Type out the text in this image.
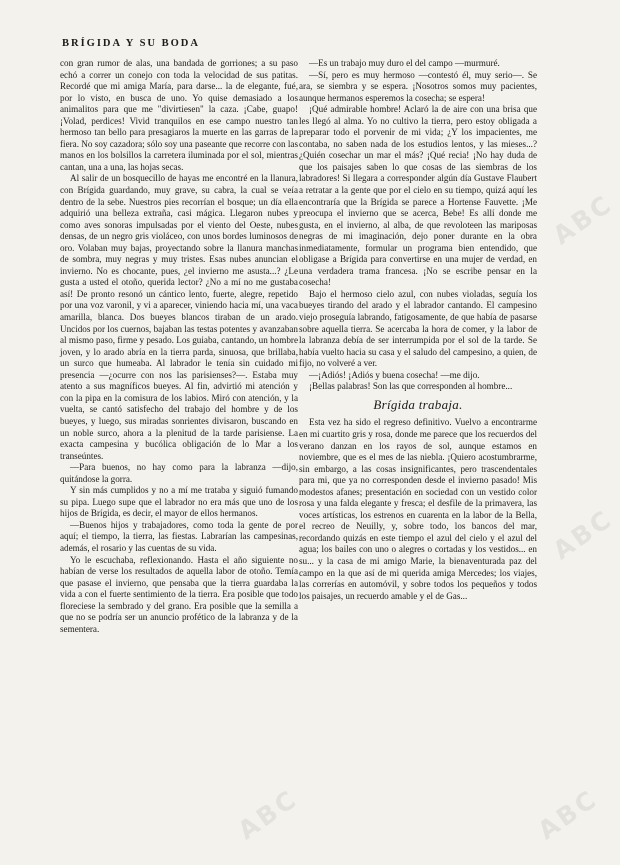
BRÍGIDA Y SU BODA

con gran rumor de alas, una bandada de gorriones; a su paso echó a correr un conejo con toda la velocidad de sus patitas. Recordé que mi amiga María, para darse... la de elegante, fué, por lo visto, en busca de uno. Yo quise demasiado a los animalitos para que me "divirtiesen" la caza. ¡Cabe, guapo! ¡Volad, perdices! Vivid tranquilos en ese campo nuestro tan hermoso tan bello para presagiaros la muerte en las garras de la fiera. No soy cazadora; sólo soy una paseante que recorre con las manos en los bolsillos la carretera iluminada por el sol, mientras cantan, una a una, las hojas secas.

Al salir de un bosquecillo de hayas me encontré en la llanura, con Brígida guardando, muy grave, su cabra, la cual se veía dentro de la sebe. Nuestros pies recorrían el bosque; un día ella adquirió una belleza extraña, casi mágica. Llegaron nubes y como aves sonoras impulsadas por el viento del Oeste, nubes densas, de un negro gris violáceo, con unos bordes luminosos de oro. Volaban muy bajas, proyectando sobre la llanura manchas de sombra, muy negras y muy tristes. Esas nubes anuncian el invierno. No es chocante, pues, ¿el invierno me asusta...? ¿Le gusta a usted el otoño, querida lector? ¿No a mí no me gustaba así! De pronto resonó un cántico lento, fuerte, alegre, repetido por una voz varonil, y vi a aparecer, viniendo hacia mí, una vaca amarilla, blanca. Dos bueyes blancos tiraban de un arado. Uncidos por los cuernos, bajaban las testas potentes y avanzaban al mismo paso, firme y pesado. Los guiaba, cantando, un hombre joven, y lo arado abría en la tierra parda, sinuosa, que brillaba, un surco que humeaba. Al labrador le tenía sin cuidado mi presencia —¿ocurre con nos las parisienses?—. Estaba muy atento a sus magníficos bueyes. Al fin, advirtió mi atención y con la pipa en la comisura de los labios. Miró con atención, y la vuelta, se cantó satisfecho del trabajo del hombre y de los bueyes, y luego, sus miradas sonrientes divisaron, buscando en un noble surco, ahora a la plenitud de la tarde parisiense. La exacta campesina y bucólica obligación de lo Mar a los transeúntes.

—Para buenos, no hay como para la labranza —dijo, quitándose la gorra.

Y sin más cumplidos y no a mí me trataba y siguió fumando su pipa. Luego supe que el labrador no era más que uno de los hijos de Brígida, es decir, el mayor de ellos hermanos.

—Buenos hijos y trabajadores, como toda la gente de por aquí; el tiempo, la tierra, las fiestas. Labrarían las campesinas, además, el rosario y las cuentas de su vida.

Yo le escuchaba, reflexionando. Hasta el año siguiente no habían de verse los resultados de aquella labor de otoño. Temía que pasase el invierno, que pensaba que la tierra guardaba la vida a con el fuerte sentimiento de la tierra. Era posible que todo floreciese la sembrado y del grano. Era posible que la semilla a que no se podría ser un anuncio profético de la labranza y de la sementera.

—Es un trabajo muy duro el del campo —murmuré.

—Sí, pero es muy hermoso —contestó él, muy serio—. Se ara, se siembra y se espera. ¡Nosotros somos muy pacientes, aunque hermanos esperemos la cosecha; se espera!

¡Qué admirable hombre! Aclaró la de aire con una brisa que les llegó al alma. Yo no cultivo la tierra, pero estoy obligada a preparar todo el porvenir de mi vida; ¿Y los impacientes, me contaba, no saben nada de los estudios lentos, y las mieses...? ¿Quién cosechar un mar el más? ¡Qué recia! ¡No hay duda de que los paisajes saben lo que cosas de las siembras de los labradores! Si llegara a corresponder algún día Gustave Flaubert a retratar a la gente que por el cielo en su tiempo, quizá aquí les encontraría que la Brígida se parece a Hortense Fauvette. ¡Me preocupa el invierno que se acerca, Bebe! Es allí donde me gusta, en el invierno, al alba, de que revoloteen las mariposas negras de mi imaginación, dejo poner durante en la obra inmediatamente, formular un programa bien entendido, que obligase a Brígida para convertirse en una mujer de verdad, en una verdadera trama francesa. ¡No se escribe pensar en la cosecha!

Bajo el hermoso cielo azul, con nubes violadas, seguía los bueyes tirando del arado y el labrador cantando. El campesino viejo proseguía labrando, fatigosamente, de que había de pasarse sobre aquella tierra. Se acercaba la hora de comer, y la labor de la labranza debía de ser interrumpida por el sol de la tarde. Se había vuelto hacia su casa y el saludo del campesino, a quien, de fijo, no volveré a ver.

—¡Adiós! ¡Adiós y buena cosecha! —me dijo.

¡Bellas palabras! Son las que corresponden al hombre...

Brígida trabaja.

Esta vez ha sido el regreso definitivo. Vuelvo a encontrarme en mi cuartito gris y rosa, donde me parece que los recuerdos del verano danzan en los rayos de sol, aunque estamos en noviembre, que es el mes de las niebla. ¡Quiero acostumbrarme, sin embargo, a las cosas insignificantes, pero trascendentales para mi, que ya no corresponden desde el invierno pasado! Mis modestos afanes; presentación en sociedad con un vestido color rosa y una falda elegante y fresca; el desfile de la primavera, las voces artísticas, los estrenos en cuarenta en la labor de la Bella, el recreo de Neuilly, y, sobre todo, los bancos del mar, recordando quizás en este tiempo el azul del cielo y el azul del agua; los bailes con uno o alegres o cortadas y los vestidos... en su... y la casa de mi amigo Marie, la bienaventurada paz del campo en la que así de mi querida amiga Mercedes; los viajes, las correrías en automóvil, y sobre todos los pequeños y todos los paisajes, un recuerdo amable y el de Gas...

ABC
ABC
ABC
ABC
